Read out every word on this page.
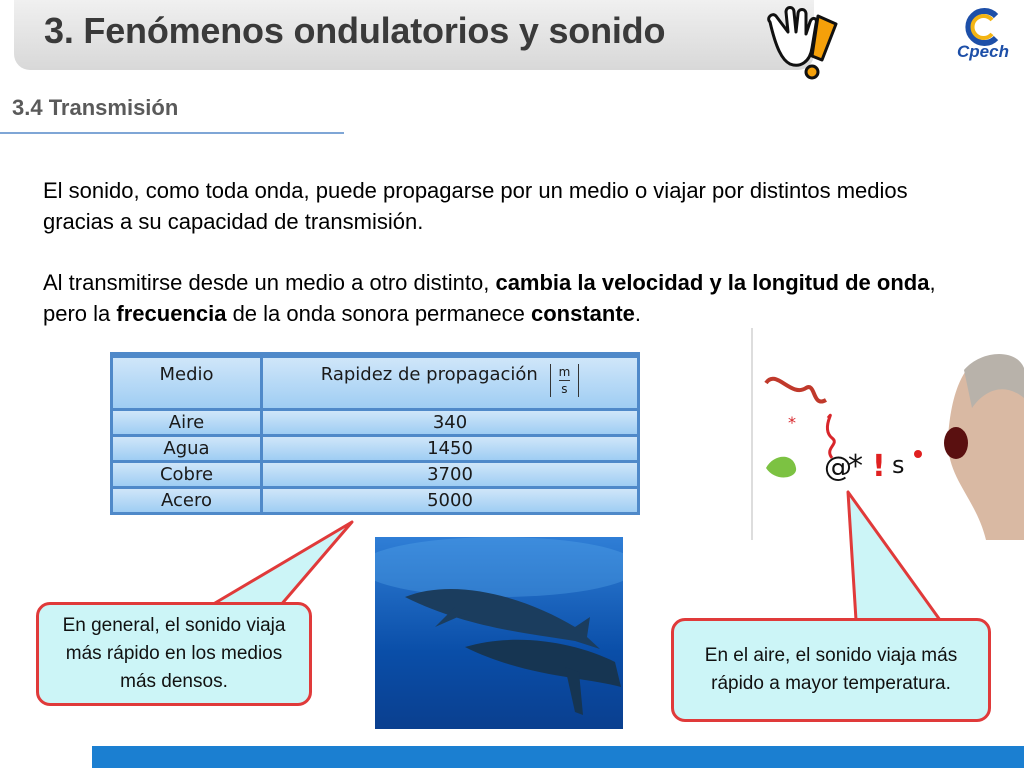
3. Fenómenos ondulatorios y sonido
Cpech
3.4 Transmisión

El sonido, como toda onda, puede propagarse por un medio o viajar por distintos medios gracias a su capacidad de transmisión.

Al transmitirse desde un medio a otro distinto, cambia la velocidad y la longitud de onda, pero la frecuencia de la onda sonora permanece constante.

Medio	Rapidez de propagación $\frac{m}{s}$

Aire	340
Agua	1450
Cobre	3700
Acero	5000
*
@
* ! s
En general, el sonido viaja más rápido en los medios más densos.
En el aire, el sonido viaja más rápido a mayor temperatura.
